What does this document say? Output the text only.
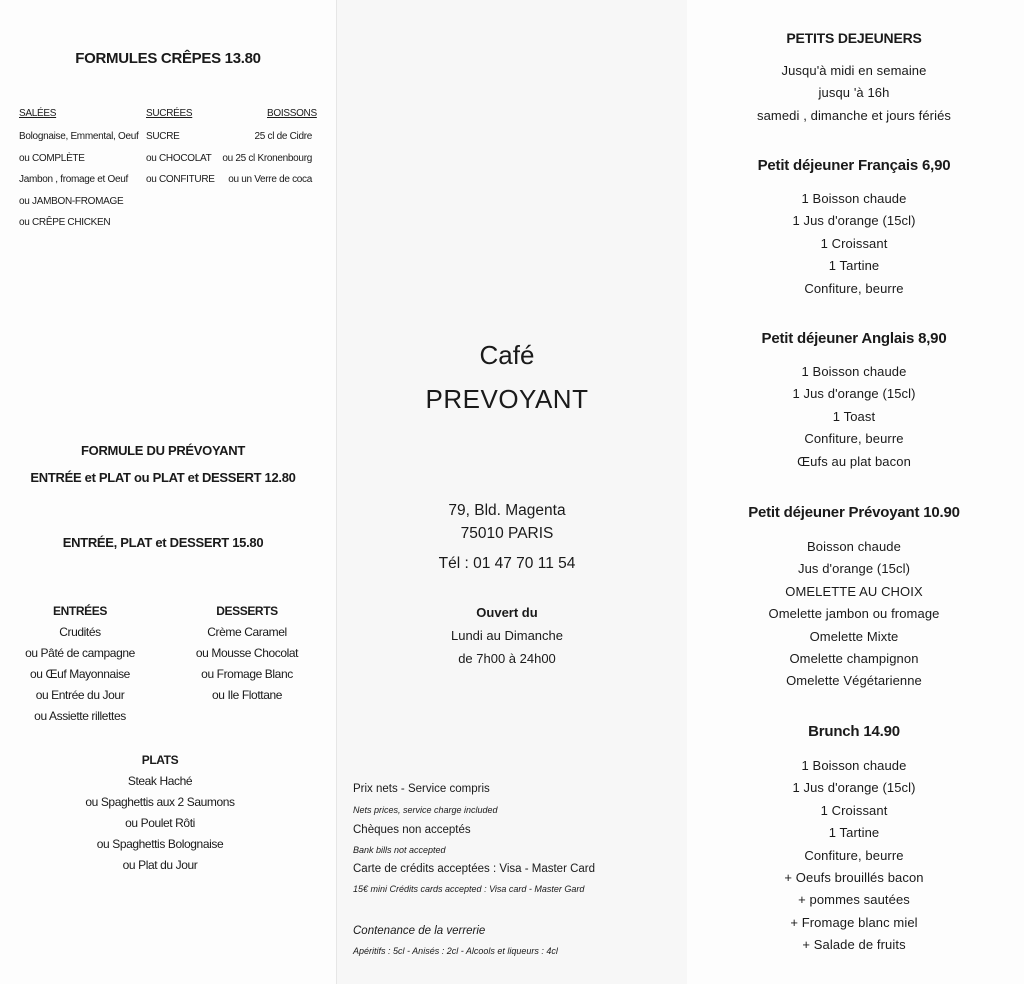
FORMULES CRÊPES 13.80
SALÉES	SUCRÉES	BOISSONS
Bolognaise, Emmental, Oeuf
ou COMPLÈTE
Jambon , fromage et Oeuf
ou JAMBON-FROMAGE
ou CRÊPE CHICKEN
SUCRE
ou CHOCOLAT
ou CONFITURE
25 cl de Cidre
ou 25 cl Kronenbourg
ou un Verre de coca
FORMULE DU PRÉVOYANT
ENTRÉE et PLAT ou PLAT et DESSERT 12.80
ENTRÉE, PLAT et DESSERT 15.80
ENTRÉES
Crudités
ou Pâté de campagne
ou Œuf Mayonnaise
ou Entrée du Jour
ou Assiette rillettes
DESSERTS
Crème Caramel
ou Mousse Chocolat
ou Fromage Blanc
ou Ile Flottane
PLATS
Steak Haché
ou Spaghettis aux 2 Saumons
ou Poulet Rôti
ou Spaghettis Bolognaise
ou Plat du Jour
Café
PREVOYANT
79, Bld. Magenta
75010 PARIS
Tél : 01 47 70 11 54
Ouvert du
Lundi au Dimanche
de 7h00 à 24h00
Prix nets - Service compris
Nets prices, service charge included
Chèques non acceptés
Bank bills not accepted
Carte de crédits acceptées : Visa - Master Card
15€ mini Crédits cards accepted : Visa card - Master Gard
Contenance de la verrerie
Apéritifs : 5cl - Anisés : 2cl - Alcools et liqueurs : 4cl
PETITS DEJEUNERS
Jusqu'à midi en semaine
jusqu 'à 16h
samedi , dimanche et jours fériés
Petit déjeuner Français 6,90
1 Boisson chaude
1 Jus d'orange (15cl)
1 Croissant
1 Tartine
Confiture, beurre
Petit déjeuner Anglais 8,90
1 Boisson chaude
1 Jus d'orange (15cl)
1 Toast
Confiture, beurre
Œufs au plat bacon
Petit déjeuner Prévoyant 10.90
Boisson chaude
Jus d'orange (15cl)
OMELETTE AU CHOIX
Omelette jambon ou fromage
Omelette Mixte
Omelette champignon
Omelette Végétarienne
Brunch 14.90
1 Boisson chaude
1 Jus d'orange (15cl)
1 Croissant
1 Tartine
Confiture, beurre
+ Oeufs brouillés bacon
+ pommes sautées
+ Fromage blanc miel
+ Salade de fruits
